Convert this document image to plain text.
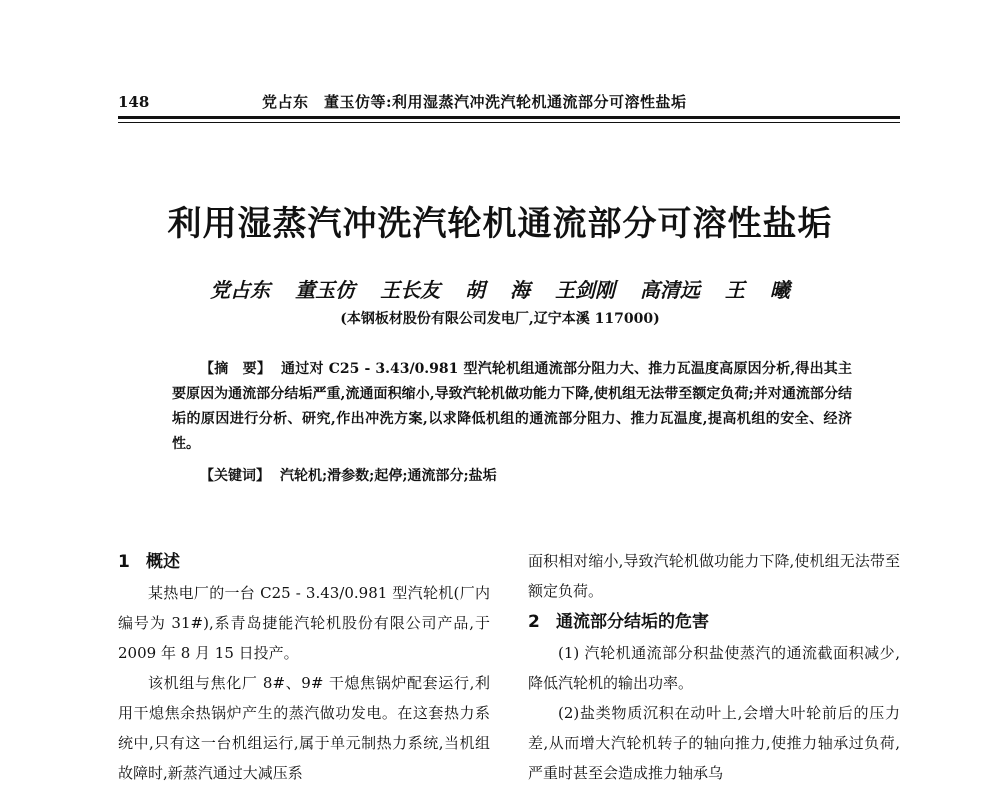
148	党占东　董玉仿等:利用湿蒸汽冲洗汽轮机通流部分可溶性盐垢
利用湿蒸汽冲洗汽轮机通流部分可溶性盐垢
党占东 董玉仿 王长友 胡 海 王剑刚 高清远 王 曦
(本钢板材股份有限公司发电厂,辽宁本溪 117000)
【摘　要】 通过对 C25 - 3.43/0.981 型汽轮机组通流部分阻力大、推力瓦温度高原因分析,得出其主要原因为通流部分结垢严重,流通面积缩小,导致汽轮机做功能力下降,使机组无法带至额定负荷;并对通流部分结垢的原因进行分析、研究,作出冲洗方案,以求降低机组的通流部分阻力、推力瓦温度,提高机组的安全、经济性。
【关键词】 汽轮机;滑参数;起停;通流部分;盐垢
1 概述

某热电厂的一台 C25 - 3.43/0.981 型汽轮机(厂内编号为 31#),系青岛捷能汽轮机股份有限公司产品,于 2009 年 8 月 15 日投产。

该机组与焦化厂 8#、9# 干熄焦锅炉配套运行,利用干熄焦余热锅炉产生的蒸汽做功发电。在这套热力系统中,只有这一台机组运行,属于单元制热力系统,当机组故障时,新蒸汽通过大减压系

面积相对缩小,导致汽轮机做功能力下降,使机组无法带至额定负荷。

2 通流部分结垢的危害

(1) 汽轮机通流部分积盐使蒸汽的通流截面积减少,降低汽轮机的输出功率。

(2)盐类物质沉积在动叶上,会增大叶轮前后的压力差,从而增大汽轮机转子的轴向推力,使推力轴承过负荷,严重时甚至会造成推力轴承乌
